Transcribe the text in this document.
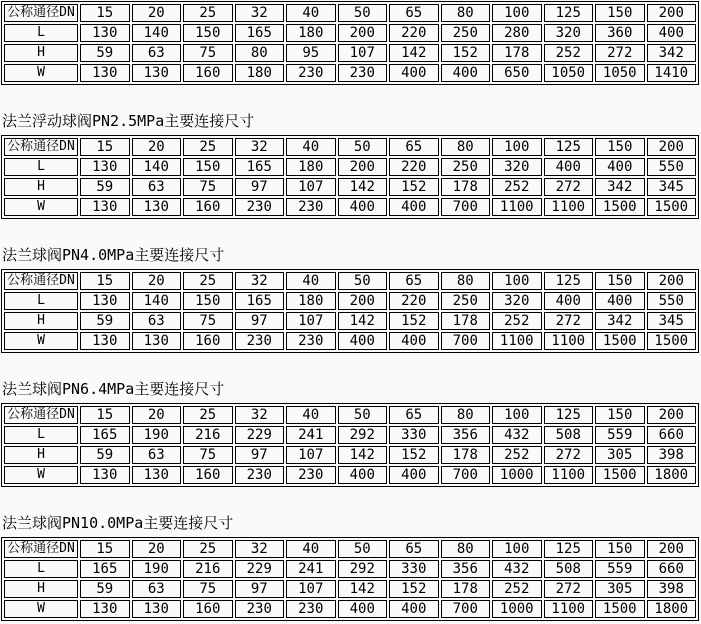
公称通径DN	15	20	25	32	40	50	65	80	100	125	150	200
L	130	140	150	165	180	200	220	250	280	320	360	400
H	59	63	75	80	95	107	142	152	178	252	272	342
W	130	130	160	180	230	230	400	400	650	1050	1050	1410

法兰浮动球阀PN2.5MPa主要连接尺寸

公称通径DN	15	20	25	32	40	50	65	80	100	125	150	200
L	130	140	150	165	180	200	220	250	320	400	400	550
H	59	63	75	97	107	142	152	178	252	272	342	345
W	130	130	160	230	230	400	400	700	1100	1100	1500	1500

法兰球阀PN4.0MPa主要连接尺寸

公称通径DN	15	20	25	32	40	50	65	80	100	125	150	200
L	130	140	150	165	180	200	220	250	320	400	400	550
H	59	63	75	97	107	142	152	178	252	272	342	345
W	130	130	160	230	230	400	400	700	1100	1100	1500	1500

法兰球阀PN6.4MPa主要连接尺寸

公称通径DN	15	20	25	32	40	50	65	80	100	125	150	200
L	165	190	216	229	241	292	330	356	432	508	559	660
H	59	63	75	97	107	142	152	178	252	272	305	398
W	130	130	160	230	230	400	400	700	1000	1100	1500	1800

法兰球阀PN10.0MPa主要连接尺寸

公称通径DN	15	20	25	32	40	50	65	80	100	125	150	200
L	165	190	216	229	241	292	330	356	432	508	559	660
H	59	63	75	97	107	142	152	178	252	272	305	398
W	130	130	160	230	230	400	400	700	1000	1100	1500	1800
